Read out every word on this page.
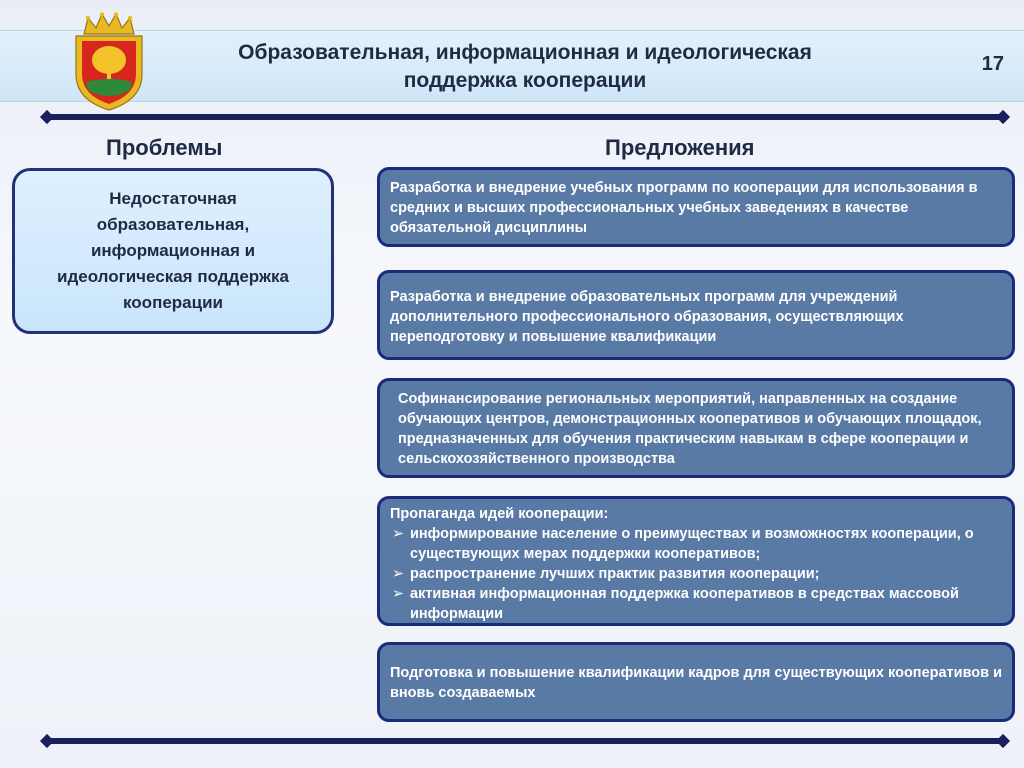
Образовательная, информационная и идеологическая
поддержка кооперации
17
Проблемы	Предложения
Недостаточная образовательная, информационная и идеологическая поддержка кооперации
Разработка и внедрение учебных программ по кооперации для использования в средних и высших профессиональных учебных заведениях в качестве обязательной дисциплины
Разработка и внедрение образовательных программ для учреждений дополнительного профессионального образования, осуществляющих переподготовку и повышение квалификации
Софинансирование региональных мероприятий, направленных на создание обучающих центров, демонстрационных кооперативов и обучающих площадок, предназначенных для обучения практическим навыкам в сфере кооперации и сельскохозяйственного производства
Пропаганда идей кооперации:
➢ информирование население о преимуществах и возможностях кооперации, о существующих мерах поддержки кооперативов;
➢ распространение лучших практик развития кооперации;
➢ активная информационная поддержка кооперативов в средствах массовой информации
Подготовка и повышение квалификации кадров для существующих кооперативов и вновь создаваемых
